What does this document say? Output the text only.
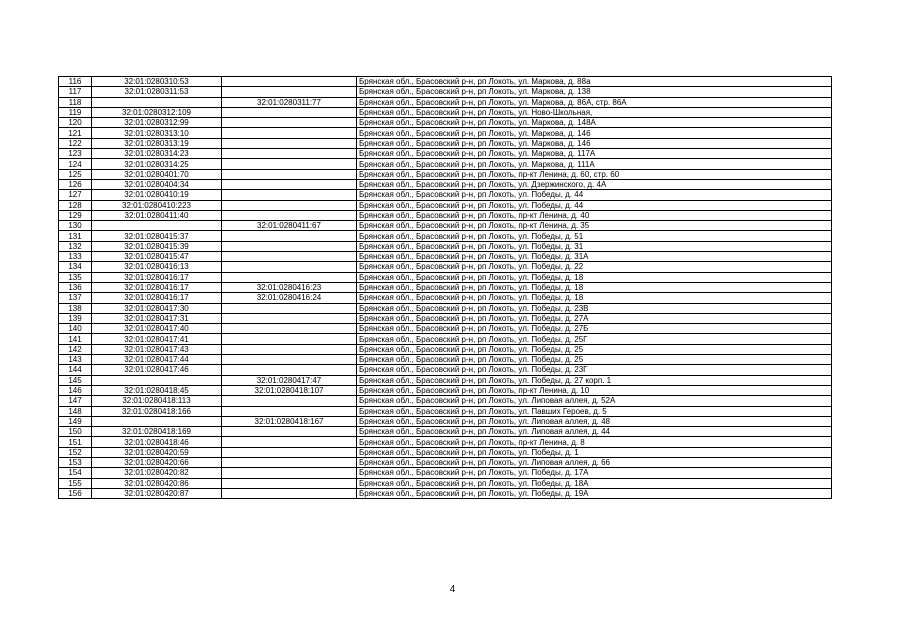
116	32:01:0280310:53		Брянская обл., Брасовский р-н, рп Локоть, ул. Маркова, д. 88а
117	32:01:0280311:53		Брянская обл., Брасовский р-н, рп Локоть, ул. Маркова, д. 138
118		32:01:0280311:77	Брянская обл., Брасовский р-н, рп Локоть, ул. Маркова, д. 86А, стр. 86А
119	32:01:0280312:109		Брянская обл., Брасовский р-н, рп Локоть, ул. Ново-Школьная,
120	32:01:0280312:99		Брянская обл., Брасовский р-н, рп Локоть, ул. Маркова, д. 148А
121	32:01:0280313:10		Брянская обл., Брасовский р-н, рп Локоть, ул. Маркова, д. 146
122	32:01:0280313:19		Брянская обл., Брасовский р-н, рп Локоть, ул. Маркова, д. 146
123	32:01:0280314:23		Брянская обл., Брасовский р-н, рп Локоть, ул. Маркова, д. 117А
124	32:01:0280314:25		Брянская обл., Брасовский р-н, рп Локоть, ул. Маркова, д. 111А
125	32:01:0280401:70		Брянская обл., Брасовский р-н, рп Локоть, пр-кт Ленина, д. 60, стр. 60
126	32:01:0280404:34		Брянская обл., Брасовский р-н, рп Локоть, ул. Дзержинского, д. 4А
127	32:01:0280410:19		Брянская обл., Брасовский р-н, рп Локоть, ул. Победы, д. 44
128	32:01:0280410:223		Брянская обл., Брасовский р-н, рп Локоть, ул. Победы, д. 44
129	32:01:0280411:40		Брянская обл., Брасовский р-н, рп Локоть, пр-кт Ленина, д. 40
130		32:01:0280411:67	Брянская обл., Брасовский р-н, рп Локоть, пр-кт Ленина, д. 35
131	32:01:0280415:37		Брянская обл., Брасовский р-н, рп Локоть, ул. Победы, д. 51
132	32:01:0280415:39		Брянская обл., Брасовский р-н, рп Локоть, ул. Победы, д. 31
133	32:01:0280415:47		Брянская обл., Брасовский р-н, рп Локоть, ул. Победы, д. 31А
134	32:01:0280416:13		Брянская обл., Брасовский р-н, рп Локоть, ул. Победы, д. 22
135	32:01:0280416:17		Брянская обл., Брасовский р-н, рп Локоть, ул. Победы, д. 18
136	32:01:0280416:17	32:01:0280416:23	Брянская обл., Брасовский р-н, рп Локоть, ул. Победы, д. 18
137	32:01:0280416:17	32:01:0280416:24	Брянская обл., Брасовский р-н, рп Локоть, ул. Победы, д. 18
138	32:01:0280417:30		Брянская обл., Брасовский р-н, рп Локоть, ул. Победы, д. 23В
139	32:01:0280417:31		Брянская обл., Брасовский р-н, рп Локоть, ул. Победы, д. 27А
140	32:01:0280417:40		Брянская обл., Брасовский р-н, рп Локоть, ул. Победы, д. 27Б
141	32:01:0280417:41		Брянская обл., Брасовский р-н, рп Локоть, ул. Победы, д. 25Г
142	32:01:0280417:43		Брянская обл., Брасовский р-н, рп Локоть, ул. Победы, д. 25
143	32:01:0280417:44		Брянская обл., Брасовский р-н, рп Локоть, ул. Победы, д. 25
144	32:01:0280417:46		Брянская обл., Брасовский р-н, рп Локоть, ул. Победы, д. 23Г
145		32:01:0280417:47	Брянская обл., Брасовский р-н, рп Локоть, ул. Победы, д. 27 корп. 1
146	32:01:0280418:45	32:01:0280418:107	Брянская обл., Брасовский р-н, рп Локоть, пр-кт Ленина, д. 10
147	32:01:0280418:113		Брянская обл., Брасовский р-н, рп Локоть, ул. Липовая аллея, д. 52А
148	32:01:0280418:166		Брянская обл., Брасовский р-н, рп Локоть, ул. Павших Героев, д. 5
149		32:01:0280418:167	Брянская обл., Брасовский р-н, рп Локоть, ул. Липовая аллея, д. 48
150	32:01:0280418:169		Брянская обл., Брасовский р-н, рп Локоть, ул. Липовая аллея, д. 44
151	32:01:0280418:46		Брянская обл., Брасовский р-н, рп Локоть, пр-кт Ленина, д. 8
152	32:01:0280420:59		Брянская обл., Брасовский р-н, рп Локоть, ул. Победы, д. 1
153	32:01:0280420:66		Брянская обл., Брасовский р-н, рп Локоть, ул. Липовая аллея, д. 66
154	32:01:0280420:82		Брянская обл., Брасовский р-н, рп Локоть, ул. Победы, д. 17А
155	32:01:0280420:86		Брянская обл., Брасовский р-н, рп Локоть, ул. Победы, д. 18А
156	32:01:0280420:87		Брянская обл., Брасовский р-н, рп Локоть, ул. Победы, д. 19А
4
